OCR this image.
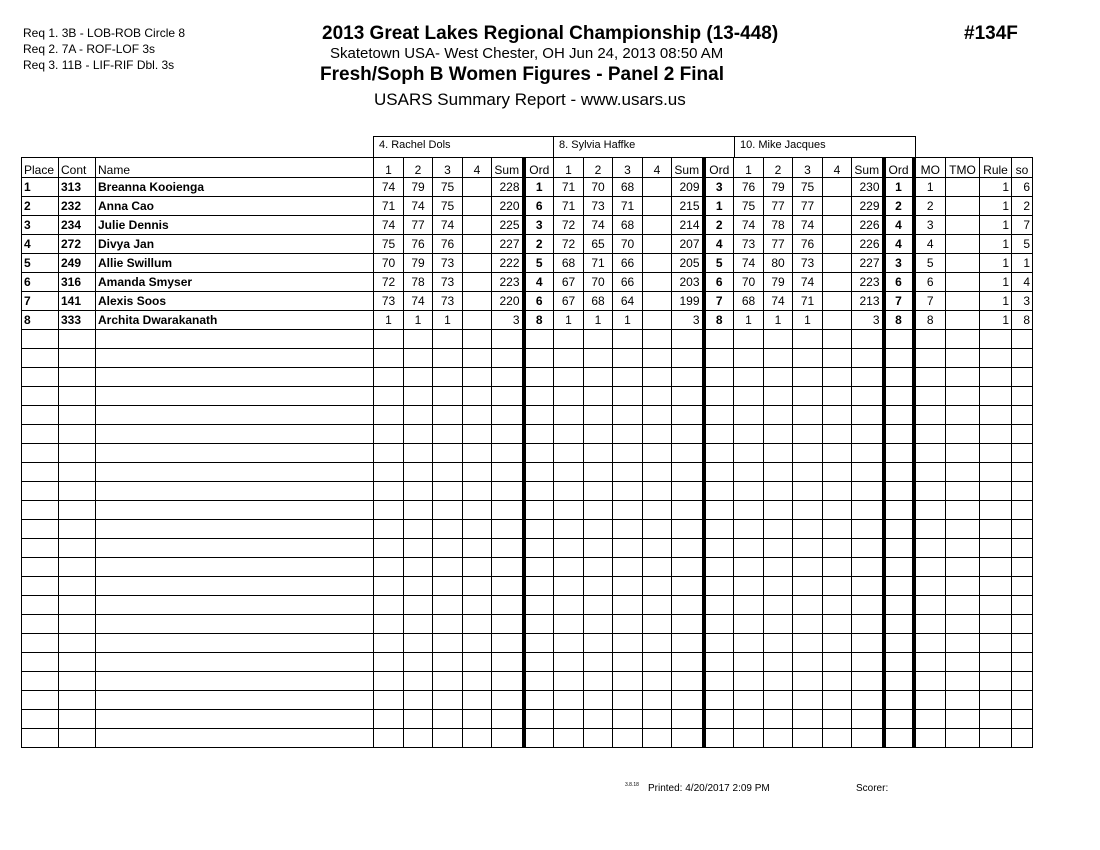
Req 1. 3B - LOB-ROB Circle 8
Req 2. 7A - ROF-LOF 3s
Req 3. 11B - LIF-RIF Dbl. 3s
2013 Great Lakes Regional Championship (13-448)
Skatetown USA- West Chester, OH Jun 24, 2013 08:50 AM
Fresh/Soph B Women Figures - Panel 2 Final
USARS Summary Report - www.usars.us
#134F
4. Rachel Dols	8. Sylvia Haffke	10. Mike Jacques
Place	Cont	Name	1	2	3	4	Sum	Ord	1	2	3	4	Sum	Ord	1	2	3	4	Sum	Ord	MO	TMO	Rule	so
1	313	Breanna Kooienga	74	79	75		228	1	71	70	68		209	3	76	79	75		230	1	1		1	6
2	232	Anna Cao	71	74	75		220	6	71	73	71		215	1	75	77	77		229	2	2		1	2
3	234	Julie Dennis	74	77	74		225	3	72	74	68		214	2	74	78	74		226	4	3		1	7
4	272	Divya Jan	75	76	76		227	2	72	65	70		207	4	73	77	76		226	4	4		1	5
5	249	Allie Swillum	70	79	73		222	5	68	71	66		205	5	74	80	73		227	3	5		1	1
6	316	Amanda Smyser	72	78	73		223	4	67	70	66		203	6	70	79	74		223	6	6		1	4
7	141	Alexis Soos	73	74	73		220	6	67	68	64		199	7	68	74	71		213	7	7		1	3
8	333	Archita Dwarakanath	1	1	1		3	8	1	1	1		3	8	1	1	1		3	8	8		1	8

3.8.18 Printed: 4/20/2017 2:09 PM	Scorer:
